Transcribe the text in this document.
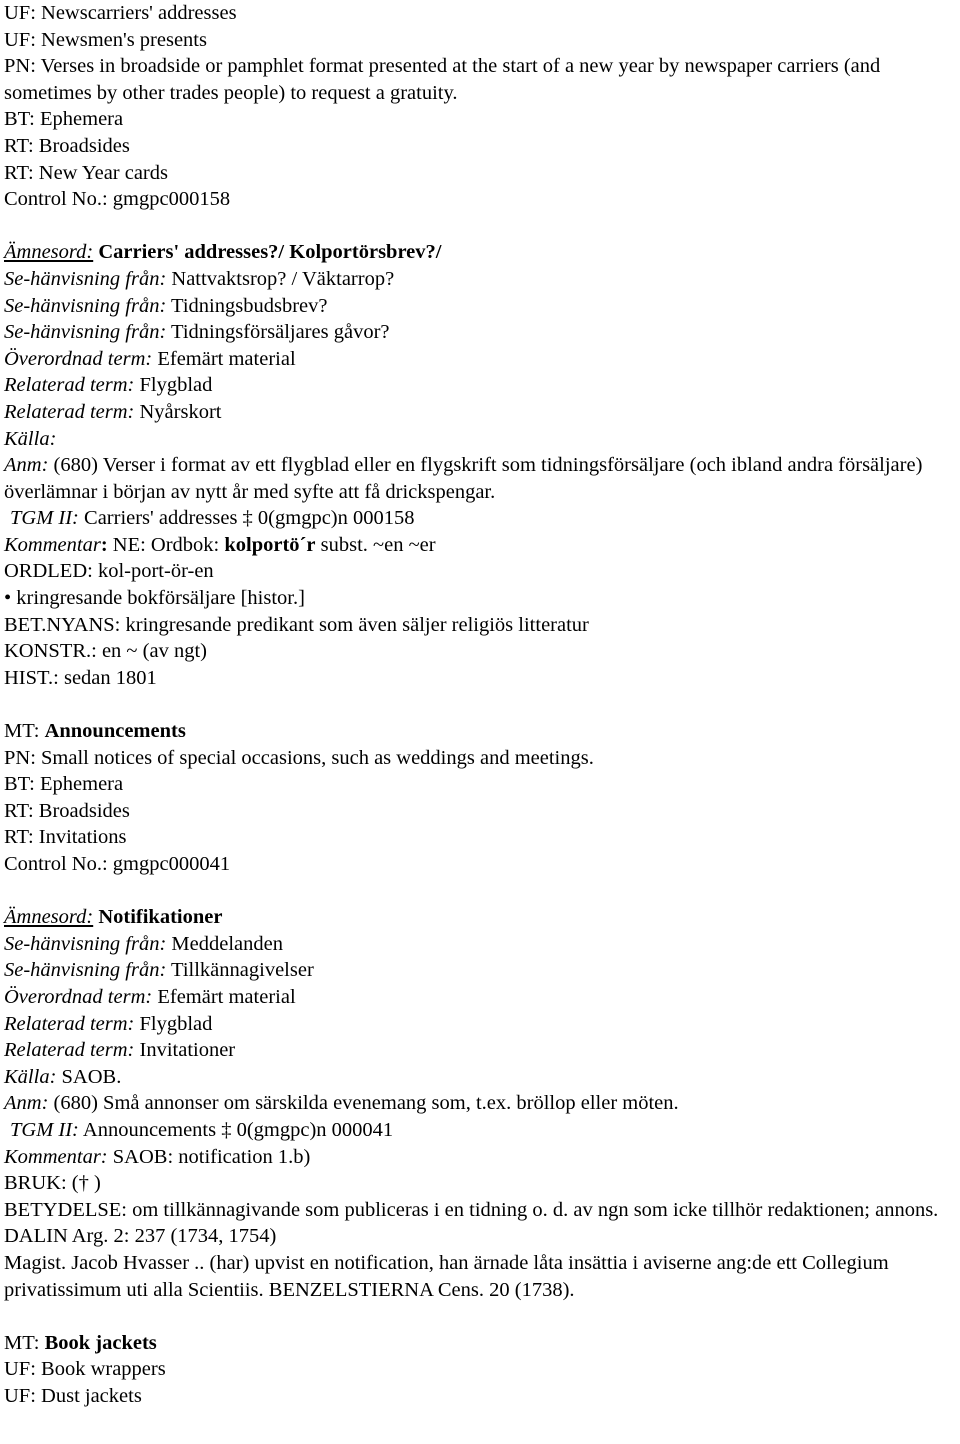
UF: Newscarriers' addresses
UF: Newsmen's presents
PN: Verses in broadside or pamphlet format presented at the start of a new year by newspaper carriers (and sometimes by other trades people) to request a gratuity.
BT: Ephemera
RT: Broadsides
RT: New Year cards
Control No.: gmgpc000158
Ämnesord: Carriers' addresses?/ Kolportörsbrev?/
Se-hänvisning från: Nattvaktsrop? / Väktarrop?
Se-hänvisning från: Tidningsbudsbrev?
Se-hänvisning från: Tidningsförsäljares gåvor?
Överordnad term: Efemärt material
Relaterad term: Flygblad
Relaterad term: Nyårskort
Källa:
Anm: (680) Verser i format av ett flygblad eller en flygskrift som tidningsförsäljare (och ibland andra försäljare) överlämnar i början av nytt år med syfte att få drickspengar.
TGM II: Carriers' addresses ‡ 0(gmgpc)n 000158
Kommentar: NE: Ordbok: kolportö´r subst. ~en ~er
ORDLED: kol-port-ör-en
• kringresande bokförsäljare [histor.]
BET.NYANS: kringresande predikant som även säljer religiös litteratur
KONSTR.: en ~ (av ngt)
HIST.: sedan 1801
MT: Announcements
PN: Small notices of special occasions, such as weddings and meetings.
BT: Ephemera
RT: Broadsides
RT: Invitations
Control No.: gmgpc000041
Ämnesord: Notifikationer
Se-hänvisning från: Meddelanden
Se-hänvisning från: Tillkännagivelser
Överordnad term: Efemärt material
Relaterad term: Flygblad
Relaterad term: Invitationer
Källa: SAOB.
Anm: (680) Små annonser om särskilda evenemang som, t.ex. bröllop eller möten.
TGM II: Announcements ‡ 0(gmgpc)n 000041
Kommentar: SAOB: notification 1.b)
BRUK: († )
BETYDELSE: om tillkännagivande som publiceras i en tidning o. d. av ngn som icke tillhör redaktionen; annons.
DALIN Arg. 2: 237 (1734, 1754)
Magist. Jacob Hvasser .. (har) upvist en notification, han ärnade låta insättia i aviserne ang:de ett Collegium privatissimum uti alla Scientiis. BENZELSTIERNA Cens. 20 (1738).
MT: Book jackets
UF: Book wrappers
UF: Dust jackets
